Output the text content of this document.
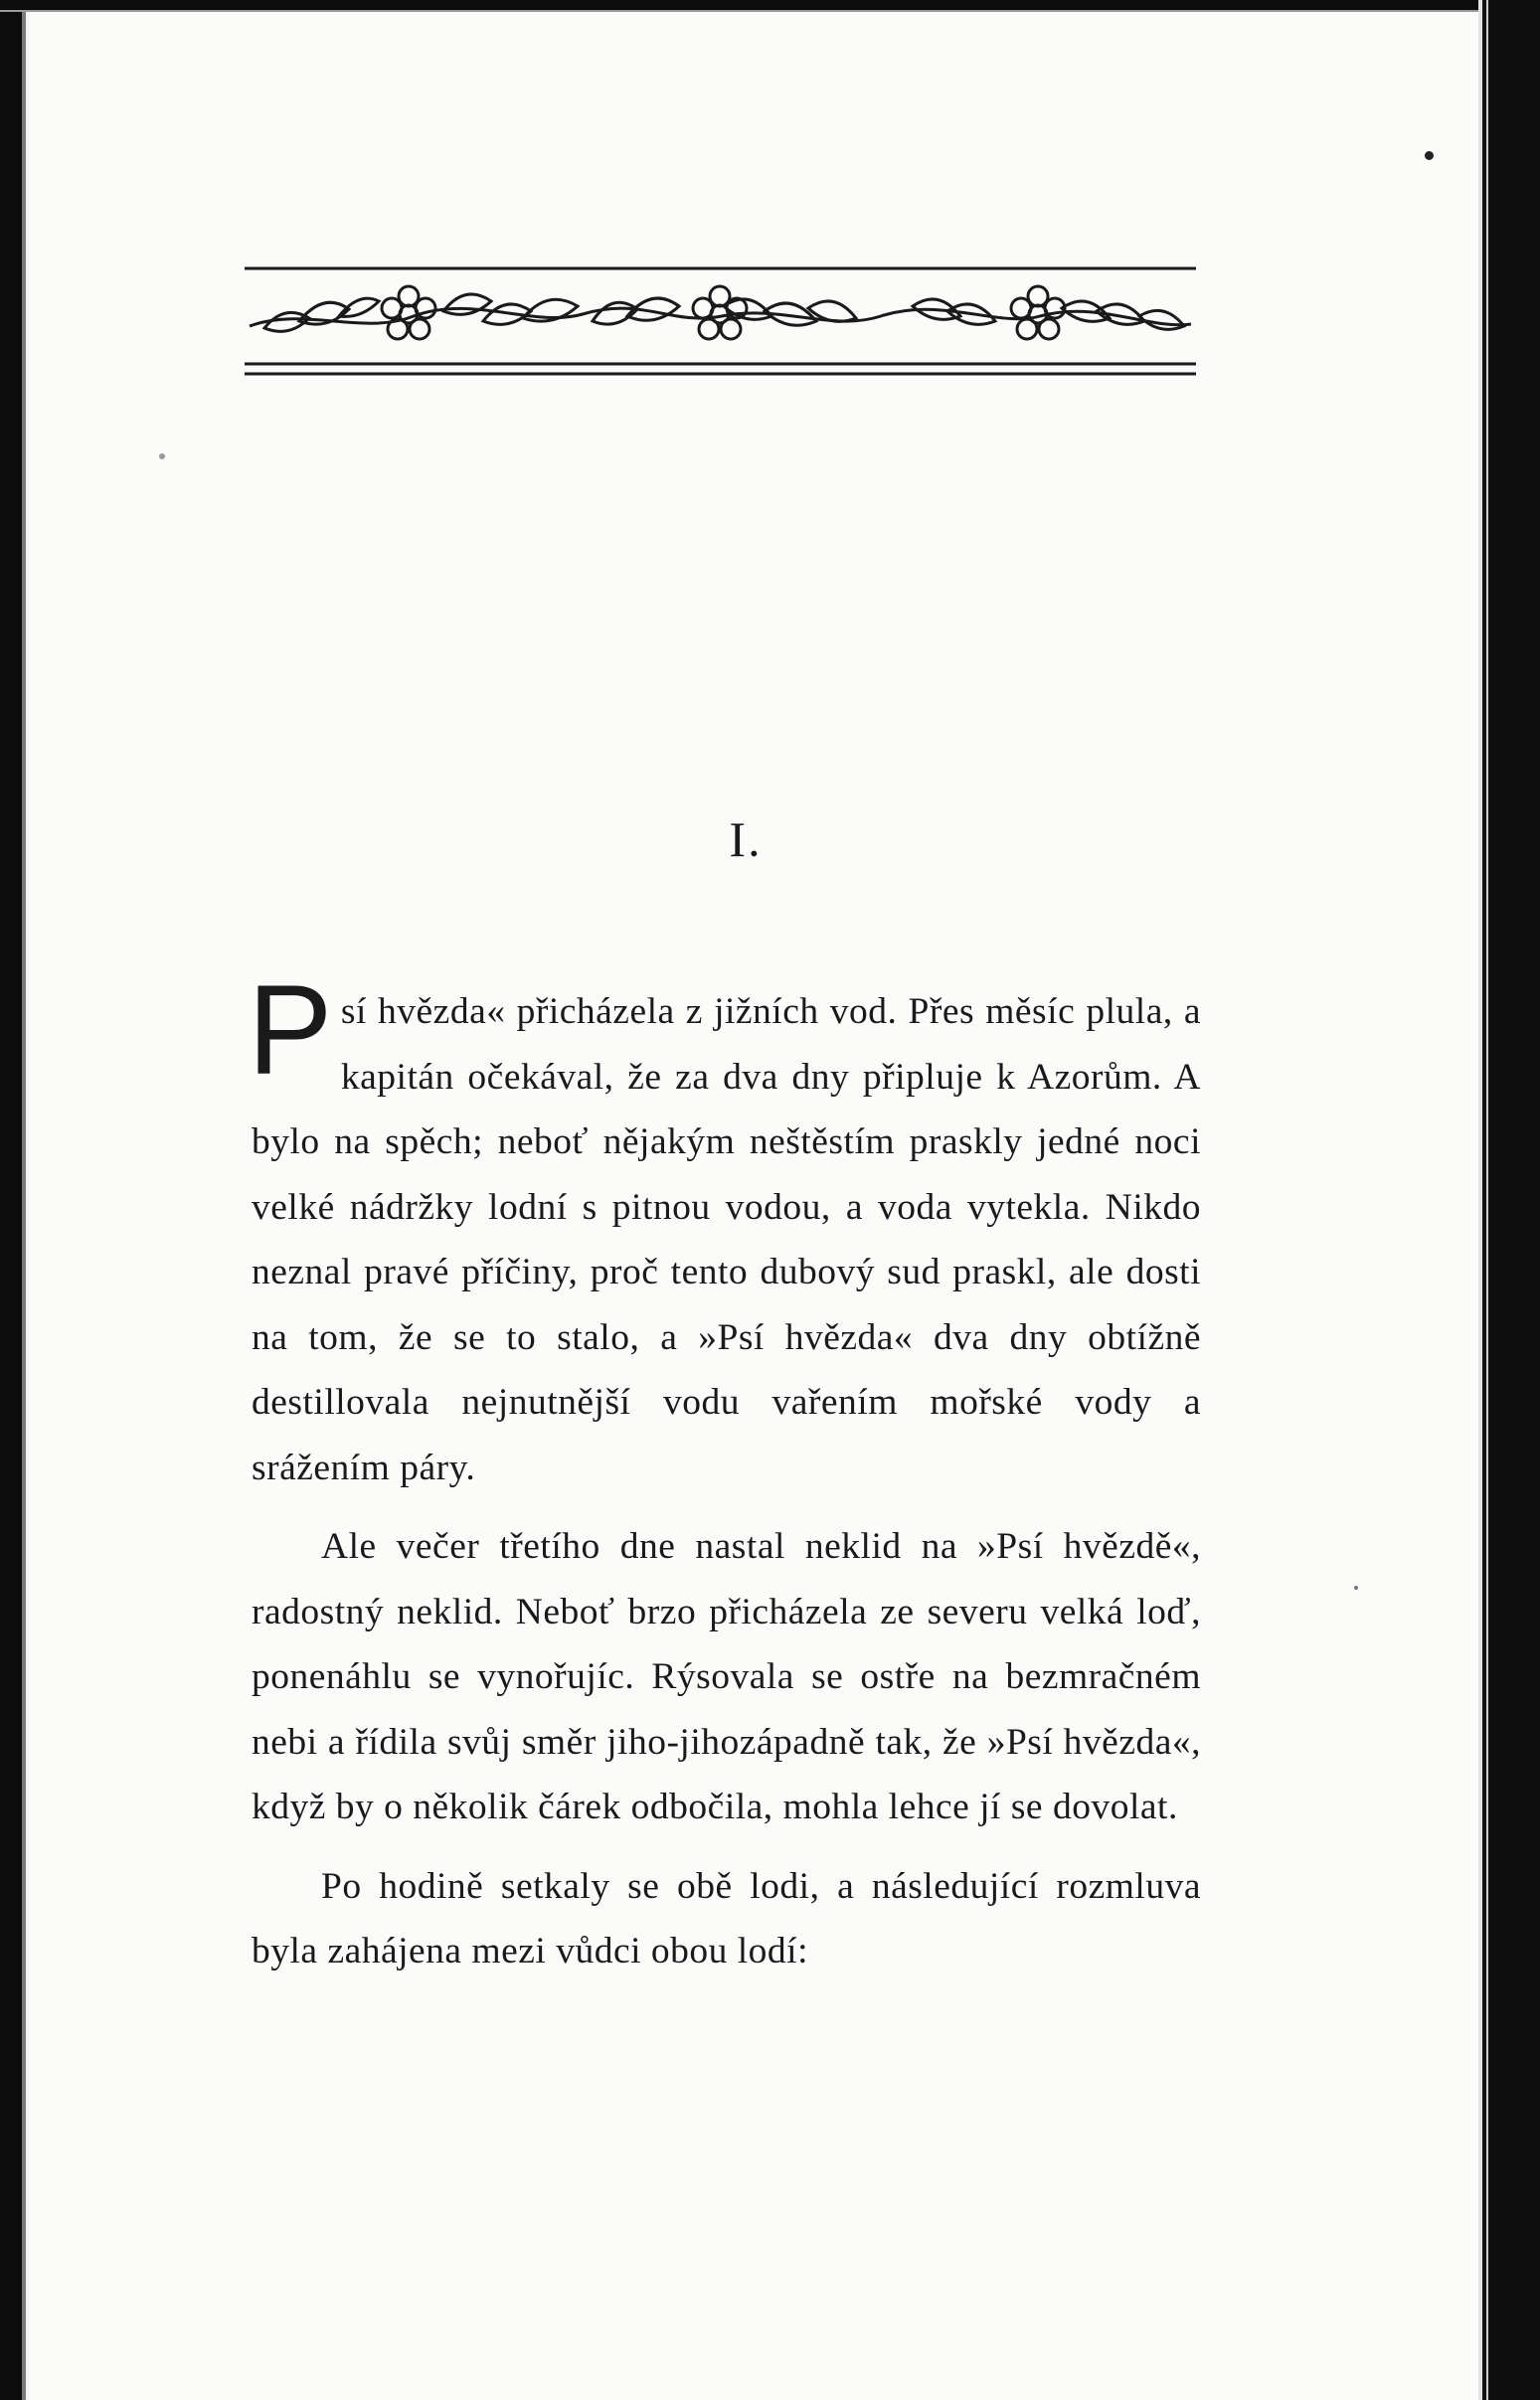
I.

Psí hvězda« přicházela z jižních vod. Přes měsíc plula, a kapitán očekával, že za dva dny připluje k Azorům. A bylo na spěch; neboť nějakým neštěstím praskly jedné noci velké nádržky lodní s pitnou vodou, a voda vytekla. Nikdo neznal pravé příčiny, proč tento dubový sud praskl, ale dosti na tom, že se to stalo, a »Psí hvězda« dva dny obtížně destillovala nejnutnější vodu vařením mořské vody a srážením páry.

Ale večer třetího dne nastal neklid na »Psí hvězdě«, radostný neklid. Neboť brzo přicházela ze severu velká loď, ponenáhlu se vynořujíc. Rýsovala se ostře na bezmračném nebi a řídila svůj směr jiho-jihozápadně tak, že »Psí hvězda«, když by o několik čárek odbočila, mohla lehce jí se dovolat.

Po hodině setkaly se obě lodi, a následující rozmluva byla zahájena mezi vůdci obou lodí:
